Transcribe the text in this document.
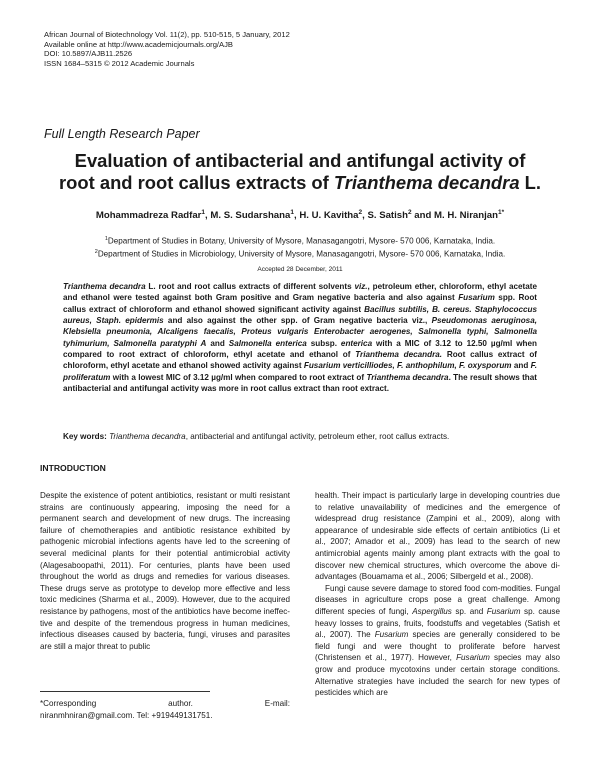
African Journal of Biotechnology Vol. 11(2), pp. 510-515, 5 January, 2012
Available online at http://www.academicjournals.org/AJB
DOI: 10.5897/AJB11.2526
ISSN 1684–5315 © 2012 Academic Journals
Full Length Research Paper
Evaluation of antibacterial and antifungal activity of
root and root callus extracts of Trianthema decandra L.
Mohammadreza Radfar$^1$, M. S. Sudarshana$^1$, H. U. Kavitha$^2$, S. Satish$^2$ and M. H. Niranjan$^{1*}$
$^1$Department of Studies in Botany, University of Mysore, Manasagangotri, Mysore- 570 006, Karnataka, India.
$^2$Department of Studies in Microbiology, University of Mysore, Manasagangotri, Mysore- 570 006, Karnataka, India.
Accepted 28 December, 2011
Trianthema decandra L. root and root callus extracts of different solvents viz., petroleum ether, chloroform, ethyl acetate and ethanol were tested against both Gram positive and Gram negative bacteria and also against Fusarium spp. Root callus extract of chloroform and ethanol showed significant activity against Bacillus subtilis, B. cereus. Staphylococcus aureus, Staph. epidermis and also against the other spp. of Gram negative bacteria viz., Pseudomonas aeruginosa, Klebsiella pneumonia, Alcaligens faecalis, Proteus vulgaris Enterobacter aerogenes, Salmonella typhi, Salmonella tyhimurium, Salmonella paratyphi A and Salmonella enterica subsp. enterica with a MIC of 3.12 to 12.50 µg/ml when compared to root extract of chloroform, ethyl acetate and ethanol of Trianthema decandra. Root callus extract of chloroform, ethyl acetate and ethanol showed activity against Fusarium verticilliodes, F. anthophilum, F. oxysporum and F. proliferatum with a lowest MIC of 3.12 µg/ml when compared to root extract of Trianthema decandra. The result shows that antibacterial and antifungal activity was more in root callus extract than root extract.
Key words: Trianthema decandra, antibacterial and antifungal activity, petroleum ether, root callus extracts.
INTRODUCTION

Despite the existence of potent antibiotics, resistant or multi resistant strains are continuously appearing, imposing the need for a permanent search and development of new drugs. The increasing failure of chemotherapies and antibiotic resistance exhibited by pathogenic microbial infections agents have led to the screening of several medicinal plants for their potential antimicrobial activity (Alagesaboopathi, 2011). For centuries, plants have been used throughout the world as drugs and remedies for various diseases. These drugs serve as prototype to develop more effective and less toxic medicines (Sharma et al., 2009). However, due to the acquired resistance by pathogens, most of the antibiotics have become ineffec-tive and despite of the tremendous progress in human medicines, infectious diseases caused by bacteria, fungi, viruses and parasites are still a major threat to public

health. Their impact is particularly large in developing countries due to relative unavailability of medicines and the emergence of widespread drug resistance (Zampini et al., 2009), along with appearance of undesirable side effects of certain antibiotics (Li et al., 2007; Amador et al., 2009) has lead to the search of new antimicrobial agents mainly among plant extracts with the goal to discover new chemical structures, which overcome the above di-advantages (Bouamama et al., 2006; Silbergeld et al., 2008).

Fungi cause severe damage to stored food com-modities. Fungal diseases in agriculture crops pose a great challenge. Among different species of fungi, Aspergillus sp. and Fusarium sp. cause heavy losses to grains, fruits, foodstuffs and vegetables (Satish et al., 2007). The Fusarium species are generally considered to be field fungi and were thought to proliferate before harvest (Christensen et al., 1977). However, Fusarium species may also grow and produce mycotoxins under certain storage conditions. Alternative strategies have included the search for new types of pesticides which are

*Corresponding	author.	E-mail:
niranmhniran@gmail.com. Tel: +919449131751.
